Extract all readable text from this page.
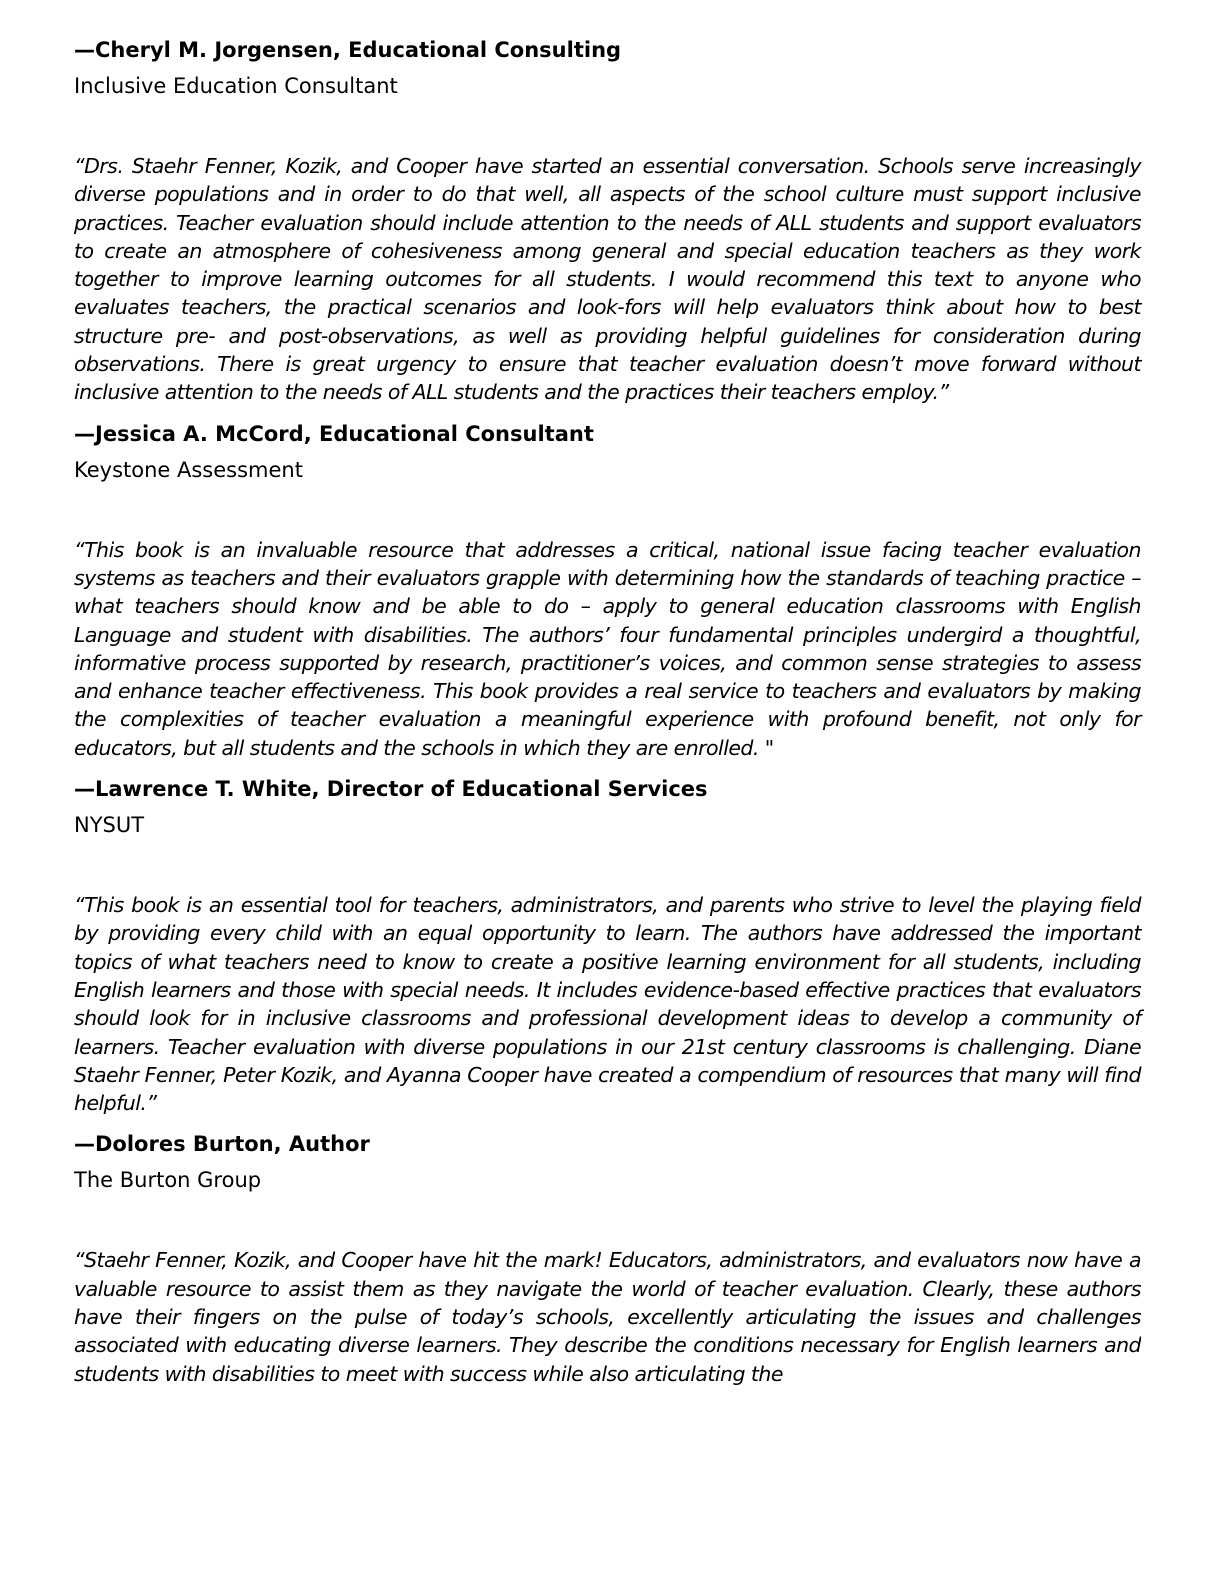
—Cheryl M. Jorgensen, Educational Consulting

Inclusive Education Consultant

“Drs. Staehr Fenner, Kozik, and Cooper have started an essential conversation. Schools serve increasingly diverse populations and in order to do that well, all aspects of the school culture must support inclusive practices. Teacher evaluation should include attention to the needs of ALL students and support evaluators to create an atmosphere of cohesiveness among general and special education teachers as they work together to improve learning outcomes for all students. I would recommend this text to anyone who evaluates teachers, the practical scenarios and look-fors will help evaluators think about how to best structure pre- and post-observations, as well as providing helpful guidelines for consideration during observations. There is great urgency to ensure that teacher evaluation doesn’t move forward without inclusive attention to the needs of ALL students and the practices their teachers employ.”

—Jessica A. McCord, Educational Consultant

Keystone Assessment

“This book is an invaluable resource that addresses a critical, national issue facing teacher evaluation systems as teachers and their evaluators grapple with determining how the standards of teaching practice – what teachers should know and be able to do – apply to general education classrooms with English Language and student with disabilities. The authors’ four fundamental principles undergird a thoughtful, informative process supported by research, practitioner’s voices, and common sense strategies to assess and enhance teacher effectiveness. This book provides a real service to teachers and evaluators by making the complexities of teacher evaluation a meaningful experience with profound benefit, not only for educators, but all students and the schools in which they are enrolled. "

—Lawrence T. White, Director of Educational Services

NYSUT

“This book is an essential tool for teachers, administrators, and parents who strive to level the playing field by providing every child with an equal opportunity to learn. The authors have addressed the important topics of what teachers need to know to create a positive learning environment for all students, including English learners and those with special needs. It includes evidence-based effective practices that evaluators should look for in inclusive classrooms and professional development ideas to develop a community of learners. Teacher evaluation with diverse populations in our 21st century classrooms is challenging. Diane Staehr Fenner, Peter Kozik, and Ayanna Cooper have created a compendium of resources that many will find helpful.”

—Dolores Burton, Author

The Burton Group

“Staehr Fenner, Kozik, and Cooper have hit the mark! Educators, administrators, and evaluators now have a valuable resource to assist them as they navigate the world of teacher evaluation. Clearly, these authors have their fingers on the pulse of today’s schools, excellently articulating the issues and challenges associated with educating diverse learners. They describe the conditions necessary for English learners and students with disabilities to meet with success while also articulating the
